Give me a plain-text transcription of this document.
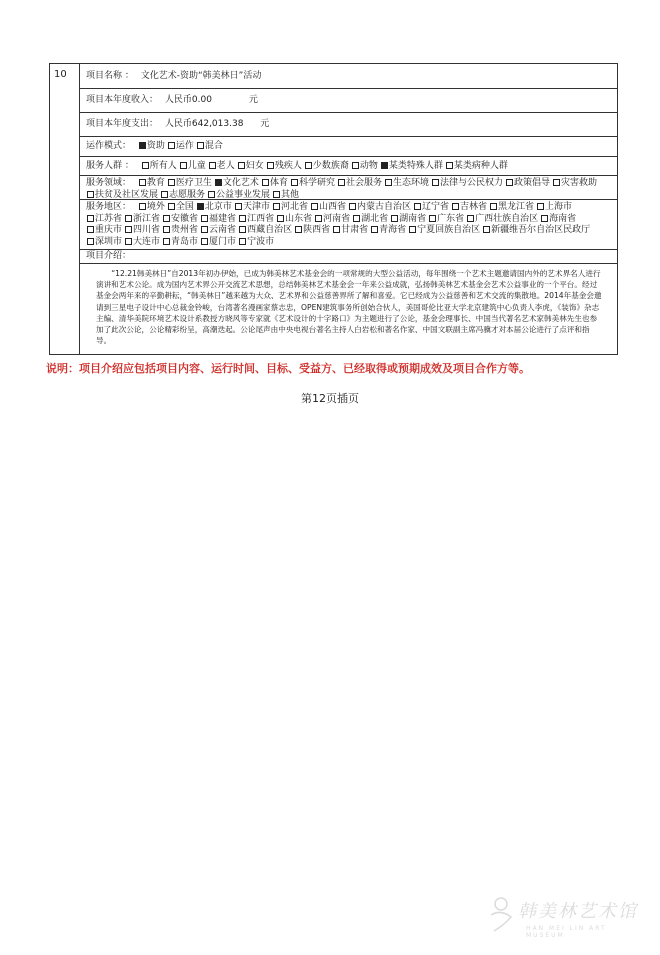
10	项目名称 ： 文化艺术-资助“韩美林日”活动
项目本年度收入： 人民币0.00	元
项目本年度支出： 人民币642,013.38 元
运作模式： 资助 运作 混合
服务人群 ： 所有人 儿童 老人 妇女 残疾人 少数族裔 动物 某类特殊人群 某类病种人群
服务领域： 教育 医疗卫生 文化艺术 体育 科学研究 社会服务 生态环境 法律与公民权力 政策倡导 灾害救助扶贫及社区发展 志愿服务 公益事业发展 其他
服务地区： 境外 全国 北京市 天津市 河北省 山西省 内蒙古自治区 辽宁省 吉林省 黑龙江省 上海市江苏省 浙江省 安徽省 福建省 江西省 山东省 河南省 湖北省 湖南省 广东省 广西壮族自治区 海南省重庆市 四川省 贵州省 云南省 西藏自治区 陕西省 甘肃省 青海省 宁夏回族自治区 新疆维吾尔自治区民政厅深圳市 大连市 青岛市 厦门市 宁波市
项目介绍：
“12.21韩美林日”自2013年初办伊始，已成为韩美林艺术基金会的一项常规的大型公益活动，每年围绕一个艺术主题邀请国内外的艺术界名人进行演讲和艺术公论。成为国内艺术界公开交流艺术思想，总结韩美林艺术基金会一年来公益成就，弘扬韩美林艺术基金会艺术公益事业的一个平台。经过基金会两年来的辛勤耕耘，“韩美林日”越来越为大众、艺术界和公益慈善界所了解和喜爱。它已经成为公益慈善和艺术交流的集散地。2014年基金会邀请到三星电子设计中心总裁金铃峻，台湾著名漫画家蔡志忠，OPEN建筑事务所创始合伙人，美国哥伦比亚大学北京建筑中心负责人李虎，《装饰》杂志主编、清华美院环境艺术设计系教授方晓风等专家就《艺术设计的十字路口》为主题进行了公论，基金会理事长、中国当代著名艺术家韩美林先生也参加了此次公论，公论精彩纷呈，高潮迭起。公论尾声由中央电视台著名主持人白岩松和著名作家、中国文联副主席冯骥才对本届公论进行了点评和指导。
说明：项目介绍应包括项目内容、运行时间、目标、受益方、已经取得或预期成效及项目合作方等。
第12页插页
韩美林艺术馆
HAN MEI LIN ART MUSEUM
